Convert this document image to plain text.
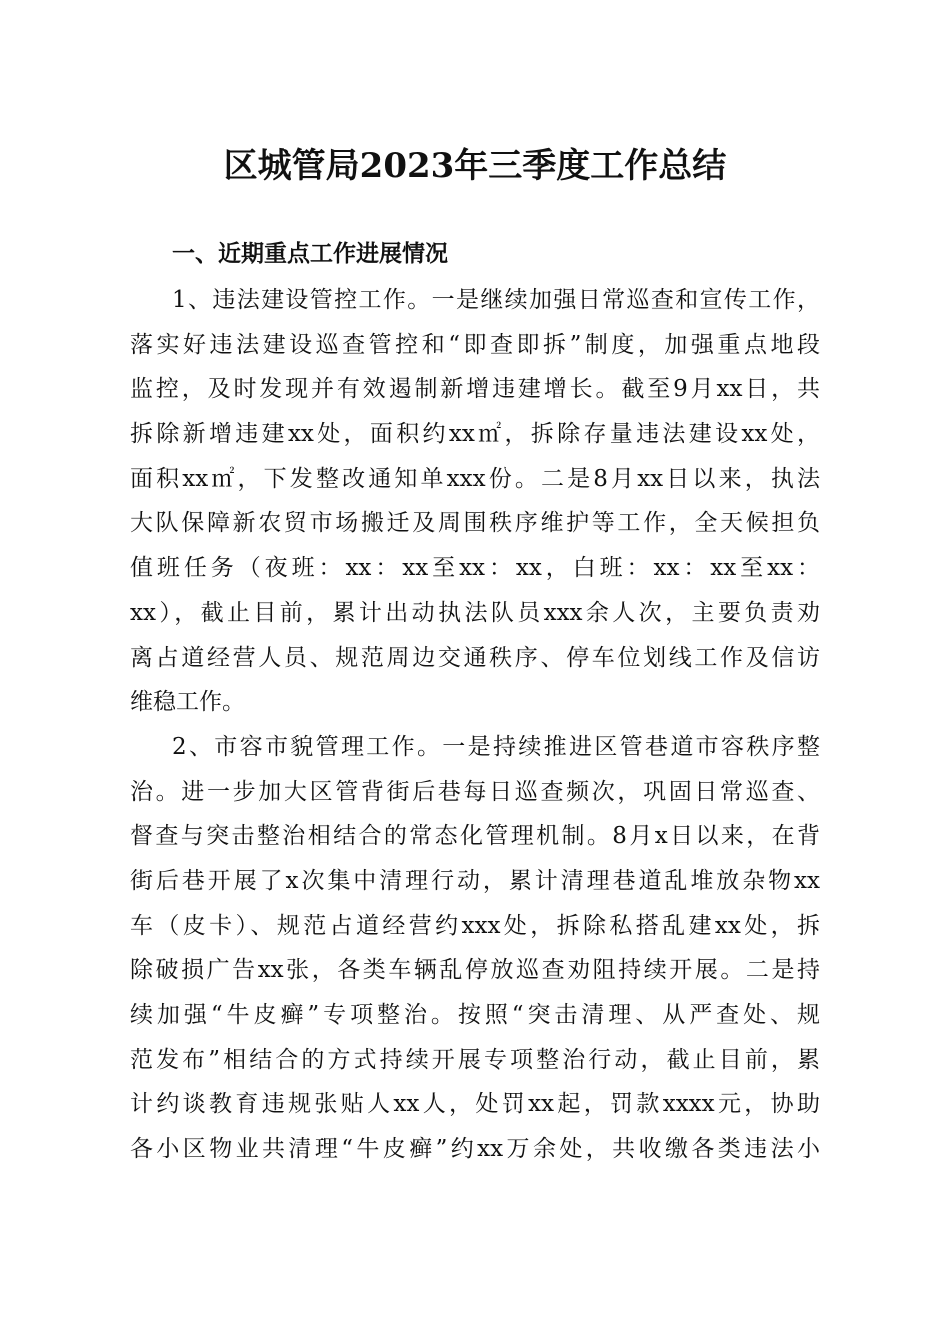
区城管局2023年三季度工作总结
一、近期重点工作进展情况
1、违法建设管控工作。一是继续加强日常巡查和宣传工作，
落实好违法建设巡查管控和“即查即拆”制度，加强重点地段
监控，及时发现并有效遏制新增违建增长。截至9月xx日，共
拆除新增违建xx处，面积约xx㎡，拆除存量违法建设xx处，
面积xx㎡，下发整改通知单xxx份。二是8月xx日以来，执法
大队保障新农贸市场搬迁及周围秩序维护等工作，全天候担负
值班任务（夜班：xx：xx至xx：xx，白班：xx：xx至xx：
xx），截止目前，累计出动执法队员xxx余人次，主要负责劝
离占道经营人员、规范周边交通秩序、停车位划线工作及信访
维稳工作。
2、市容市貌管理工作。一是持续推进区管巷道市容秩序整
治。进一步加大区管背街后巷每日巡查频次，巩固日常巡查、
督查与突击整治相结合的常态化管理机制。8月x日以来，在背
街后巷开展了x次集中清理行动，累计清理巷道乱堆放杂物xx
车（皮卡）、规范占道经营约xxx处，拆除私搭乱建xx处，拆
除破损广告xx张，各类车辆乱停放巡查劝阻持续开展。二是持
续加强“牛皮癣”专项整治。按照“突击清理、从严查处、规
范发布”相结合的方式持续开展专项整治行动，截止目前，累
计约谈教育违规张贴人xx人，处罚xx起，罚款xxxx元，协助
各小区物业共清理“牛皮癣”约xx万余处，共收缴各类违法小
